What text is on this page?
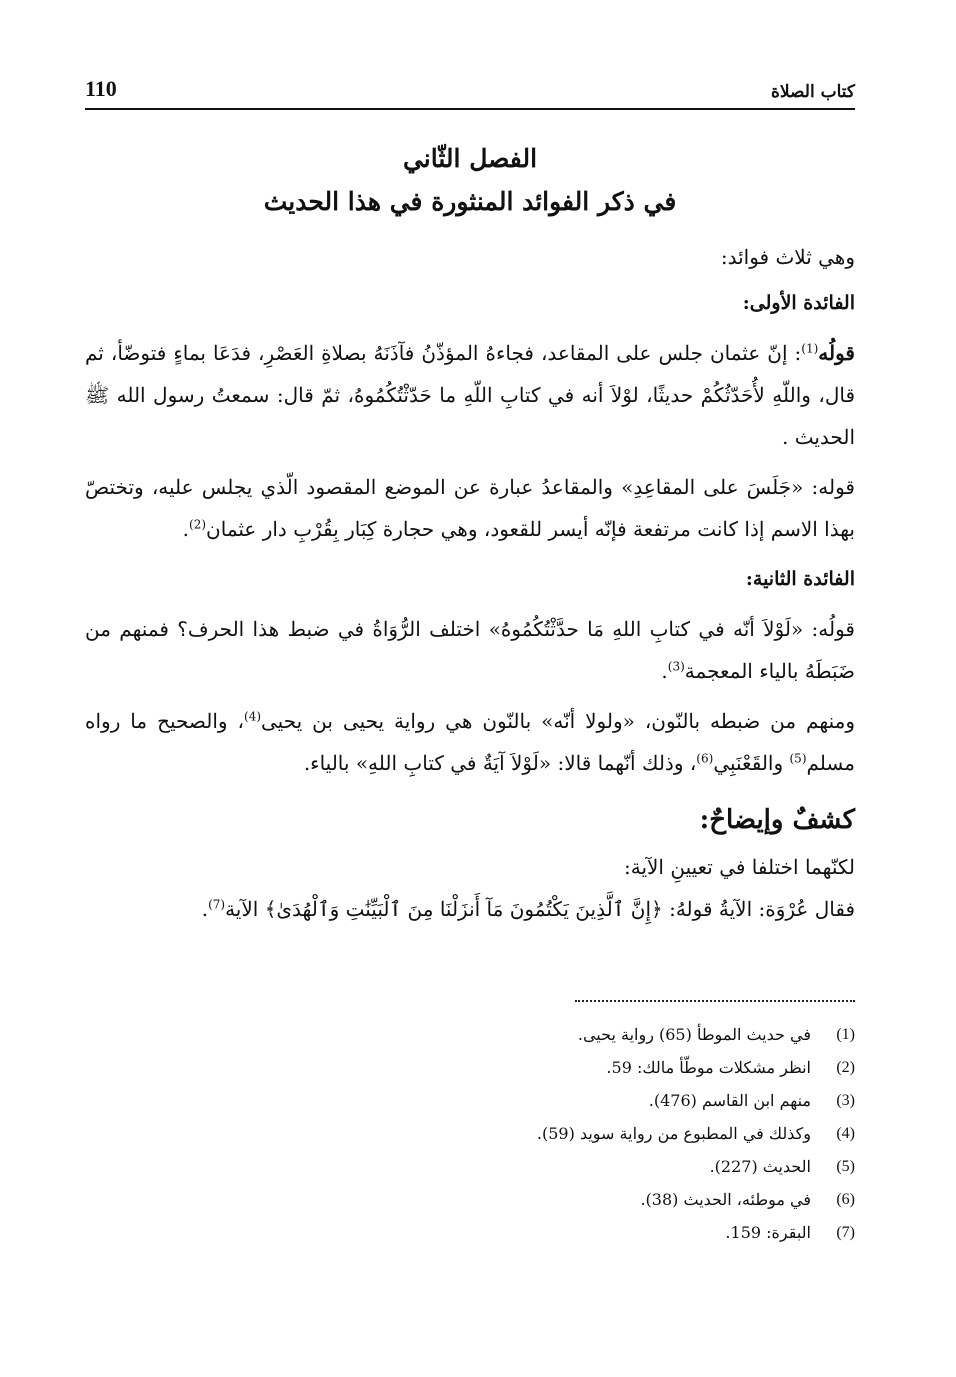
110	كتاب الصلاة
الفصل الثّاني
في ذكر الفوائد المنثورة في هذا الحديث

وهي ثلاث فوائد:

الفائدة الأولى:

قولُه$^{(1)}$: إنّ عثمان جلس على المقاعد، فجاءهُ المؤذّنُ فآذَنَهُ بصلاةِ العَصْرِ، فدَعَا بماءٍ فتوضّأ، ثم قال، واللّهِ لأُحَدّثُكُمْ حديثًا، لوْلاَ أنه في كتابِ اللّهِ ما حَدّثْتُكُمُوهُ، ثمّ قال: سمعتُ رسول الله ﷺ الحديث .

قوله: «جَلَسَ على المقاعِدِ» والمقاعدُ عبارة عن الموضع المقصود الّذي يجلس عليه، وتختصّ بهذا الاسم إذا كانت مرتفعة فإنّه أيسر للقعود، وهي حجارة كِبَار بِقُرْبِ دار عثمان$^{(2)}$.

الفائدة الثانية:

قولُه: «لَوْلاَ أنّه في كتابِ اللهِ مَا حدَّثْتُكُمُوهُ» اختلف الرُّوَاةُ في ضبط هذا الحرف؟ فمنهم من ضَبَطَهُ بالياء المعجمة$^{(3)}$.

ومنهم من ضبطه بالنّون، «ولولا أنّه» بالنّون هي رواية يحيى بن يحيى$^{(4)}$، والصحيح ما رواه مسلم$^{(5)}$ والقَعْنَبِي$^{(6)}$، وذلك أنّهما قالا: «لَوْلاَ آيَةٌ في كتابِ اللهِ» بالياء.

كشفٌ وإيضاحٌ:

لكنّهما اختلفا في تعيينِ الآية:

فقال عُرْوَة: الآيةُ قولهُ: ﴿إِنَّ ٱلَّذِينَ يَكْتُمُونَ مَآ أَنزَلْنَا مِنَ ٱلْبَيِّنَٰتِ وَٱلْهُدَىٰ﴾ الآية$^{(7)}$.

(1)
في حديث الموطأ (65) رواية يحيى.
(2)
انظر مشكلات موطّأ مالك: 59.
(3)
منهم ابن القاسم (476).
(4)
وكذلك في المطبوع من رواية سويد (59).
(5)
الحديث (227).
(6)
في موطئه، الحديث (38).
(7)
البقرة: 159.
